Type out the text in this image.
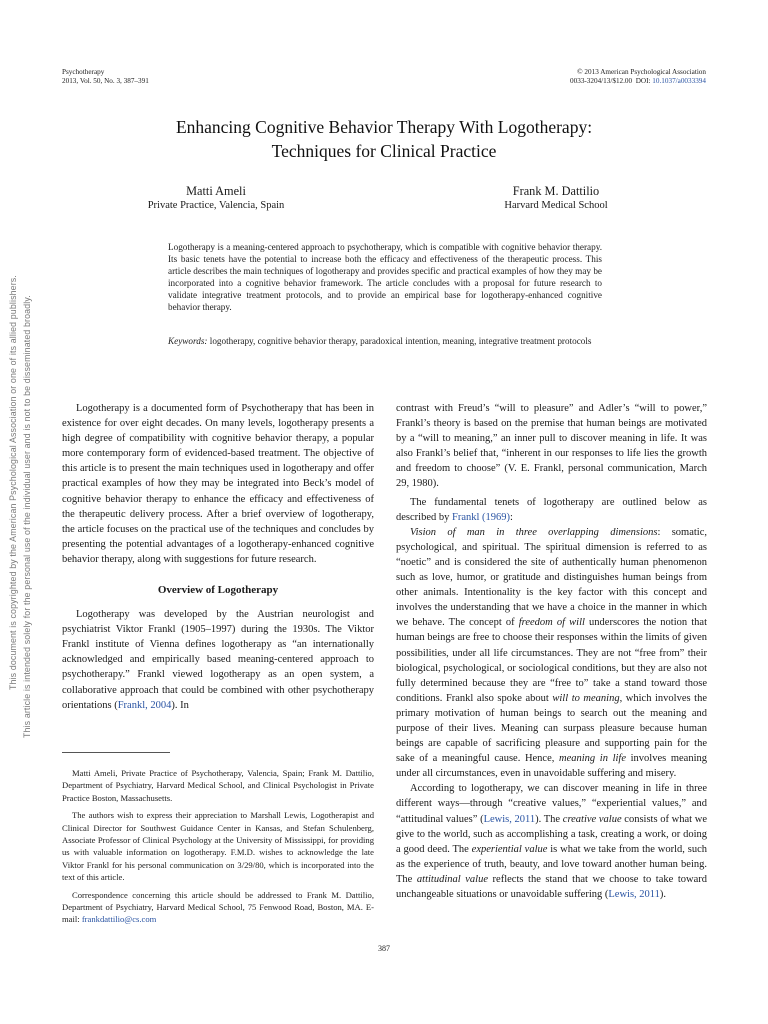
Psychotherapy
2013, Vol. 50, No. 3, 387–391
© 2013 American Psychological Association
0033-3204/13/$12.00 DOI: 10.1037/a0033394
This document is copyrighted by the American Psychological Association or one of its allied publishers. This article is intended solely for the personal use of the individual user and is not to be disseminated broadly.
Enhancing Cognitive Behavior Therapy With Logotherapy:
Techniques for Clinical Practice
Matti Ameli
Private Practice, Valencia, Spain
Frank M. Dattilio
Harvard Medical School
Logotherapy is a meaning-centered approach to psychotherapy, which is compatible with cognitive behavior therapy. Its basic tenets have the potential to increase both the efficacy and effectiveness of the therapeutic process. This article describes the main techniques of logotherapy and provides specific and practical examples of how they may be incorporated into a cognitive behavior framework. The article concludes with a proposal for future research to validate integrative treatment protocols, and to provide an empirical base for logotherapy-enhanced cognitive behavior therapy.
Keywords: logotherapy, cognitive behavior therapy, paradoxical intention, meaning, integrative treatment protocols

Logotherapy is a documented form of Psychotherapy that has been in existence for over eight decades. On many levels, logotherapy presents a high degree of compatibility with cognitive behavior therapy, a popular more contemporary form of evidenced-based treatment. The objective of this article is to present the main techniques used in logotherapy and offer practical examples of how they may be integrated into Beck’s model of cognitive behavior therapy to enhance the efficacy and effectiveness of the therapeutic delivery process. After a brief overview of logotherapy, the article focuses on the practical use of the techniques and concludes by presenting the potential advantages of a logotherapy-enhanced cognitive behavior therapy, along with suggestions for future research.

Overview of Logotherapy

Logotherapy was developed by the Austrian neurologist and psychiatrist Viktor Frankl (1905–1997) during the 1930s. The Viktor Frankl institute of Vienna defines logotherapy as “an internationally acknowledged and empirically based meaning-centered approach to psychotherapy.” Frankl viewed logotherapy as an open system, a collaborative approach that could be combined with other psychotherapy orientations (Frankl, 2004). In

Matti Ameli, Private Practice of Psychotherapy, Valencia, Spain; Frank M. Dattilio, Department of Psychiatry, Harvard Medical School, and Clinical Psychologist in Private Practice Boston, Massachusetts.

The authors wish to express their appreciation to Marshall Lewis, Logotherapist and Clinical Director for Southwest Guidance Center in Kansas, and Stefan Schulenberg, Associate Professor of Clinical Psychology at the University of Mississippi, for providing us with valuable information on logotherapy. F.M.D. wishes to acknowledge the late Viktor Frankl for his personal communication on 3/29/80, which is incorporated into the text of this article.

Correspondence concerning this article should be addressed to Frank M. Dattilio, Department of Psychiatry, Harvard Medical School, 75 Fenwood Road, Boston, MA. E-mail: frankdattilio@cs.com

contrast with Freud’s “will to pleasure” and Adler’s “will to power,” Frankl’s theory is based on the premise that human beings are motivated by a “will to meaning,” an inner pull to discover meaning in life. It was also Frankl’s belief that, “inherent in our responses to life lies the growth and freedom to choose” (V. E. Frankl, personal communication, March 29, 1980).

The fundamental tenets of logotherapy are outlined below as described by Frankl (1969):

Vision of man in three overlapping dimensions: somatic, psychological, and spiritual. The spiritual dimension is referred to as “noetic” and is considered the site of authentically human phenomenon such as love, humor, or gratitude and distinguishes human beings from other animals. Intentionality is the key factor with this concept and involves the understanding that we have a choice in the manner in which we behave. The concept of freedom of will underscores the notion that human beings are free to choose their responses within the limits of given possibilities, under all life circumstances. They are not “free from” their biological, psychological, or sociological conditions, but they are also not fully determined because they are “free to” take a stand toward those conditions. Frankl also spoke about will to meaning, which involves the primary motivation of human beings to search out the meaning and purpose of their lives. Meaning can surpass pleasure because human beings are capable of sacrificing pleasure and supporting pain for the sake of a meaningful cause. Hence, meaning in life involves meaning under all circumstances, even in unavoidable suffering and misery.

According to logotherapy, we can discover meaning in life in three different ways—through “creative values,” “experiential values,” and “attitudinal values” (Lewis, 2011). The creative value consists of what we give to the world, such as accomplishing a task, creating a work, or doing a good deed. The experiential value is what we take from the world, such as the experience of truth, beauty, and love toward another human being. The attitudinal value reflects the stand that we choose to take toward unchangeable situations or unavoidable suffering (Lewis, 2011).

387
